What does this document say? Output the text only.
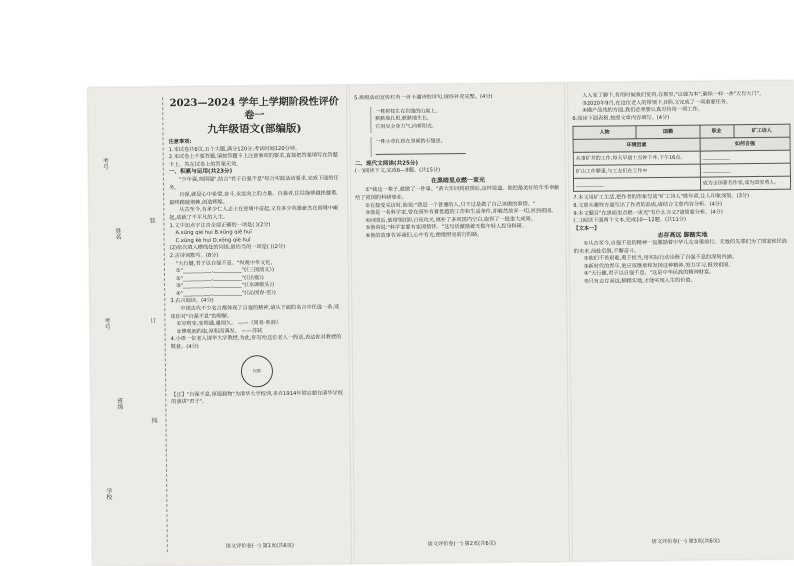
学校
班级
考号
姓名
考号
装
订
线
2023—2024 学年上学期阶段性评价卷一
九年级语文(部编版)
注意事项:
1.本试卷共6页,五个大题,满分120分,考试时间120分钟。
2.本试卷上不要答题,请按答题卡上注意事项的要求,直接把答案填写在答题卡上。答在试卷上的答案无效。
一、积累与运用(共23分)
"少年强,则国强",结合"君子自强不息"综合实践活动要求,完成下面的任务。
自强,就是心中希望,奋斗,永远向上的力量。自强者,往往能够越挫越勇,最终踏破荆棘,创造辉煌。
从古至今,有多少仁人志士在逆境中奋起,又有多少英雄豪杰在困境中崛起,成就了不平凡的人生。
1.文中加点字注音全部正确的一项是( )(2分)
A.xǔng qié huì B.xǔng qiè huǐ
C.xǔng kè huì D.xōng qiè huǐ
(2)依次填入横线处的词语,最恰当的一项是( )(2分)
2.古诗词默写。(8分)
"大行健,君子以自强不息。"纵观中华文化,
①"___________,___________"(《三国演义》)
②"___________,___________"(《出塞》)
③"___________,___________"(《水调歌头》)
④"___________,___________"(《沁园春·雪》)
3.古言阅读。(4分)
中国古代不少名言都体现了自强的精神,请从下面的名言中任选一条,谈谈你对"自强不息"的理解。
①穷则变,变则通,通则久。 ——《周易·系辞》
②博观而约取,厚积而薄发。 ——苏轼
4.小语一位老人请华大学教授,为此,你写给这位老人一段话,表达你对教授的敬意。(4分)
校徽
【注】"自强不息,厚德载物"为清华大学校训,来自1914年梁启超在清华学校的演讲"君子"。
语文评价卷(一) 第1页(共6页)
5.班级活动宣传栏有一首卡通诗的诗句,请你补充完整。(4分)
一株树枝生在岩缝的山崖上,
默默地扎根,默默地生长,
它用尽全身力气,向着阳光。
一株小草扎根在坚硬的石缝里,
二、现代文阅读(共25分)
(一)阅读下文,完成6—9题。(共15分)
在黑暗里点燃一束光
①"我这一辈子,就做了一件事。"黄大年回到祖国后,这样说道。他把最美好的年华奉献给了祖国的科研事业。
②在接受采访时,他说:"我是一个普通的人,只不过是做了自己该做的事情。"
③他是一名科学家,曾在国外有着优越的工作和生活条件,却毅然放弃一切,回到祖国。
④回国后,他带领团队日夜攻关,填补了多项国内空白,取得了一批重大成果。
⑤他常说:"科学家要有家国情怀。"这句话激励着无数年轻人投身科研。
⑥他的故事告诉我们,心中有光,便能照亮前行的路。
语文评价卷(一) 第2页(共6页)
人人变了脚下,有的时候我们觉得,在那里,"以德为本",确保一样一条"天有大门"。
③2020年9月,在这位老人的带领下,团队又完成了一项重要任务。
④确产品线的方面,我们必须要认真对待每一项工作。
6.阅读下面表格,按照文章内容填写。(4分)
人物	国籍	职业	矿工诗人
环境因素		如何自强	
从事矿井的工作,每天早晨十点钟下井,下午16点。		___________	
矿山工作繁重,与工友们在工作中		___________	
___________		成为全国著名作家,成为国家勇人。	
7.本文用矿工生活,把作者的形象写成"矿工诗人"陈年喜,让人印象深刻。(3分)
8.文章从哪些方面写出了作者的品质,请结合文章内容分析。(4分)
9.本文题目"在黑暗里点燃一束光"有什么含义?请简要分析。(4分)
(二)阅读下面两个文本,完成10—12题。(共11分)
【文本一】
志存高远 脚踏实地
①从古至今,自强不息的精神一直激励着中华儿女奋勇前行。无数的先辈们为了国家和民族的未来,前赴后继,不懈奋斗。
②他们不畏艰难,勇于担当,用实际行动诠释了自强不息的深刻内涵。
③新时代的青年,更应该继承和发扬这种精神,努力学习,报效祖国。
④"天行健,君子以自强不息。"这是中华民族的精神财富。
⑤只有志存高远,脚踏实地,才能实现人生的价值。
语文评价卷(一) 第3页(共6页)
